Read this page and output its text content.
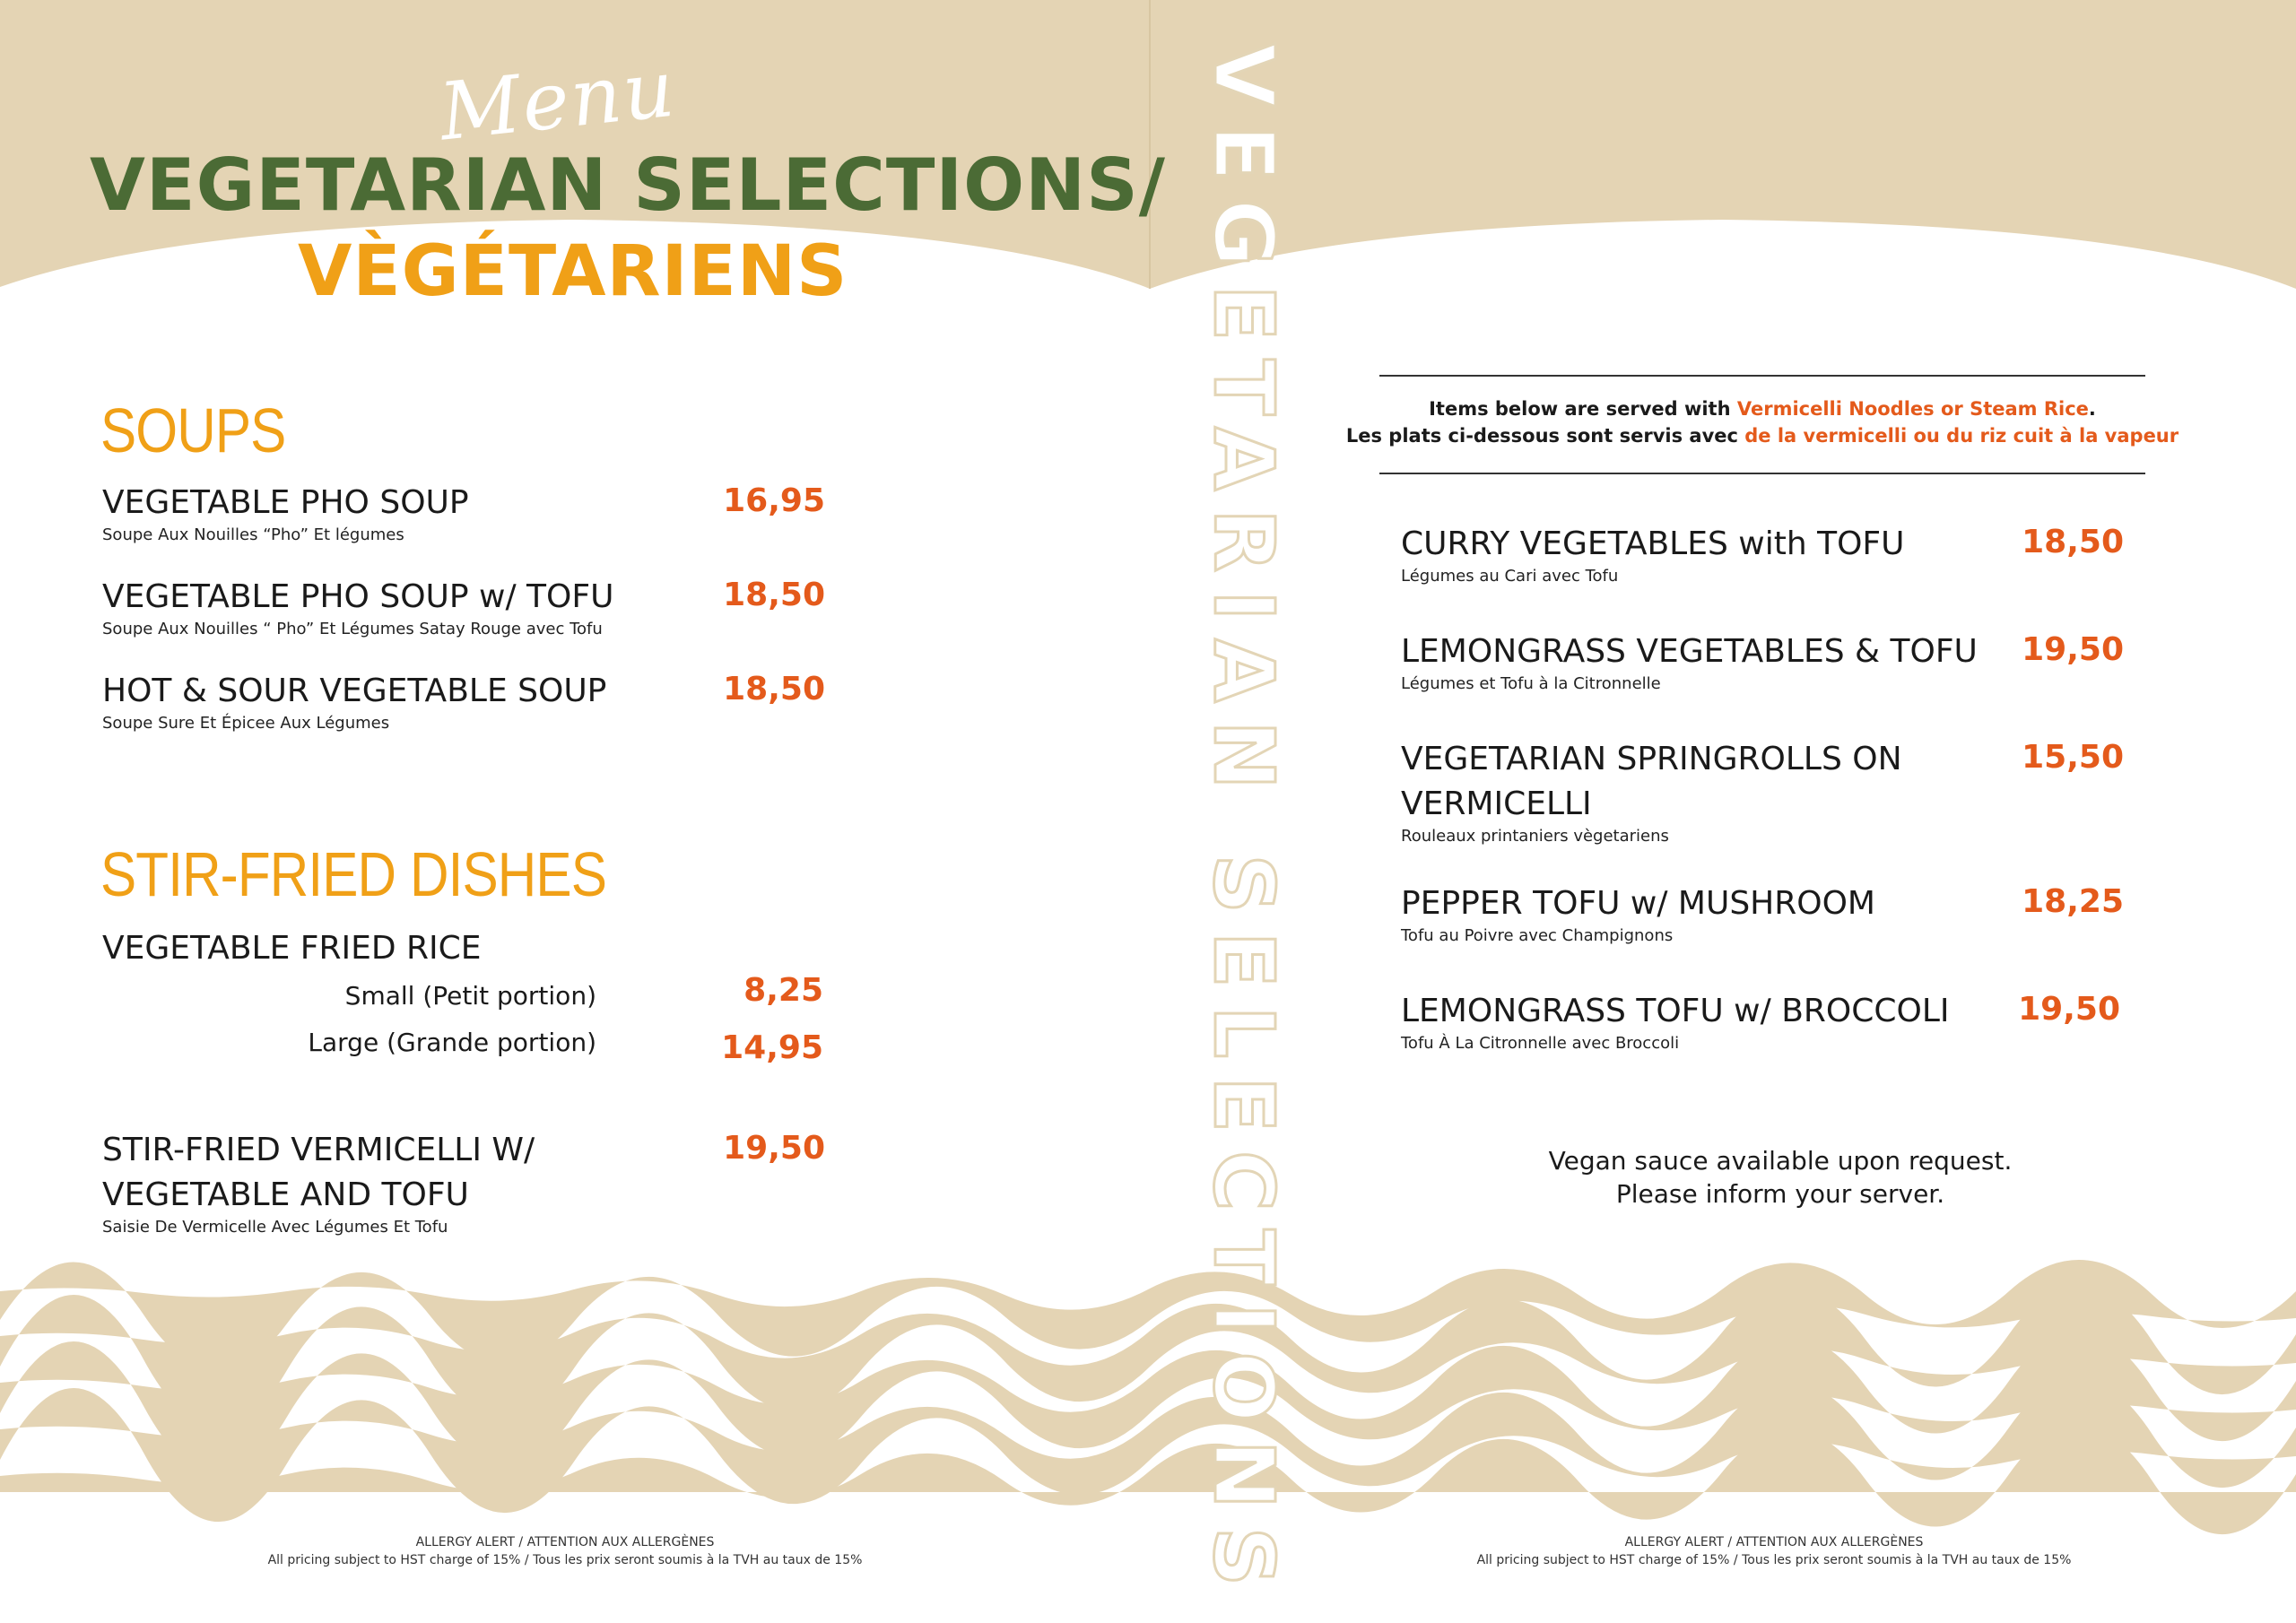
Menu
VEGETARIAN SELECTIONS/
VÈGÉTARIENS	VEGETARIAN SELECTIONS
SOUPS
VEGETABLE PHO SOUP
Soupe Aux Nouilles “Pho” Et légumes
16,95
VEGETABLE PHO SOUP w/ TOFU
Soupe Aux Nouilles “ Pho” Et Légumes Satay Rouge avec Tofu
18,50
HOT & SOUR VEGETABLE SOUP
Soupe Sure Et Épicee Aux Légumes
18,50
STIR-FRIED DISHES
VEGETABLE FRIED RICE
Small (Petit portion)	8,25
Large (Grande portion)	14,95
STIR-FRIED VERMICELLI W/
VEGETABLE AND TOFU
Saisie De Vermicelle Avec Légumes Et Tofu
19,50
Items below are served with Vermicelli Noodles or Steam Rice.
Les plats ci-dessous sont servis avec de la vermicelli ou du riz cuit à la vapeur
CURRY VEGETABLES with TOFU
Légumes au Cari avec Tofu
18,50
LEMONGRASS VEGETABLES & TOFU
Légumes et Tofu à la Citronnelle
19,50
VEGETARIAN SPRINGROLLS ON
VERMICELLI
Rouleaux printaniers vègetariens
15,50
PEPPER TOFU w/ MUSHROOM
Tofu au Poivre avec Champignons
18,25
LEMONGRASS TOFU w/ BROCCOLI
Tofu À La Citronnelle avec Broccoli
19,50
Vegan sauce available upon request.
Please inform your server.
ALLERGY ALERT / ATTENTION AUX ALLERGÈNES
All pricing subject to HST charge of 15% / Tous les prix seront soumis à la TVH au taux de 15%
ALLERGY ALERT / ATTENTION AUX ALLERGÈNES
All pricing subject to HST charge of 15% / Tous les prix seront soumis à la TVH au taux de 15%
